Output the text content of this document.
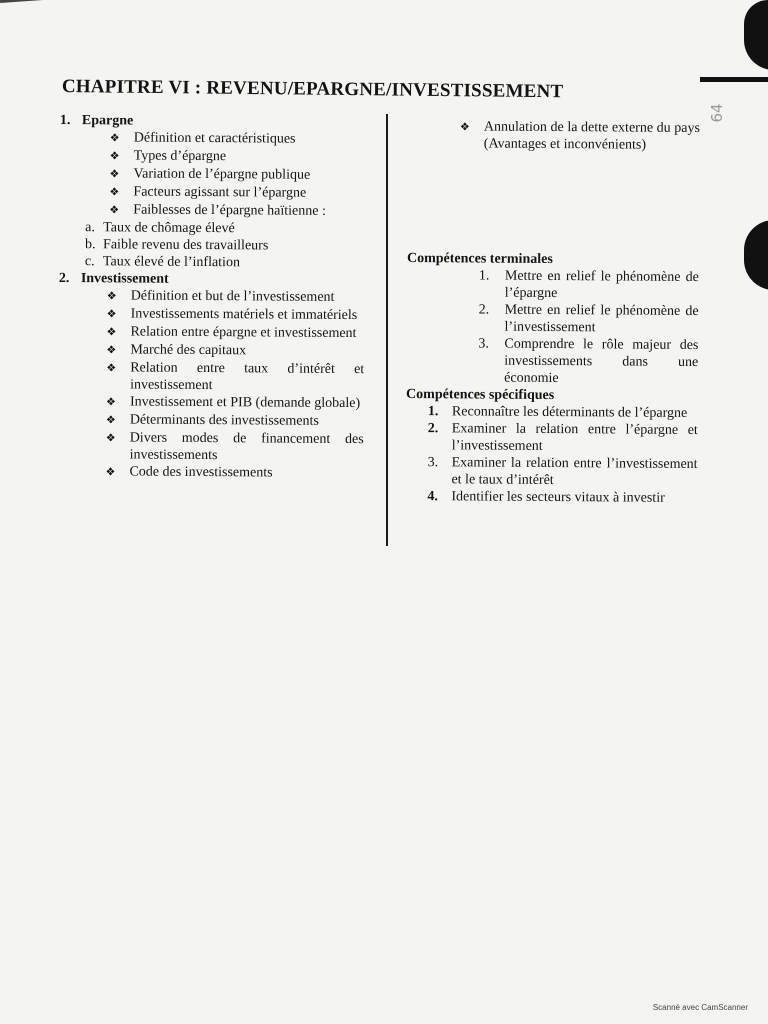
64
CHAPITRE VI : REVENU/EPARGNE/INVESTISSEMENT
1. Epargne
❖	Définition et caractéristiques
❖	Types d’épargne
❖	Variation de l’épargne publique
❖	Facteurs agissant sur l’épargne
❖	Faiblesses de l’épargne haïtienne :
a. Taux de chômage élevé
b. Faible revenu des travailleurs
c. Taux élevé de l’inflation
2. Investissement
❖	Définition et but de l’investissement
❖	Investissements matériels et immatériels
❖	Relation entre épargne et investissement
❖	Marché des capitaux
❖	Relation entre taux d’intérêt et investissement
❖	Investissement et PIB (demande globale)
❖	Déterminants des investissements
❖	Divers modes de financement des investissements
❖	Code des investissements
❖	Annulation de la dette externe du pays (Avantages et inconvénients)
Compétences terminales
1.	Mettre en relief le phénomène de l’épargne
2.	Mettre en relief le phénomène de l’investissement
3.	Comprendre le rôle majeur des investissements dans une économie
Compétences spécifiques
1. Reconnaître les déterminants de l’épargne
2. Examiner la relation entre l’épargne et l’investissement
3. Examiner la relation entre l’investissement et le taux d’intérêt
4. Identifier les secteurs vitaux à investir
Scanné avec CamScanner
